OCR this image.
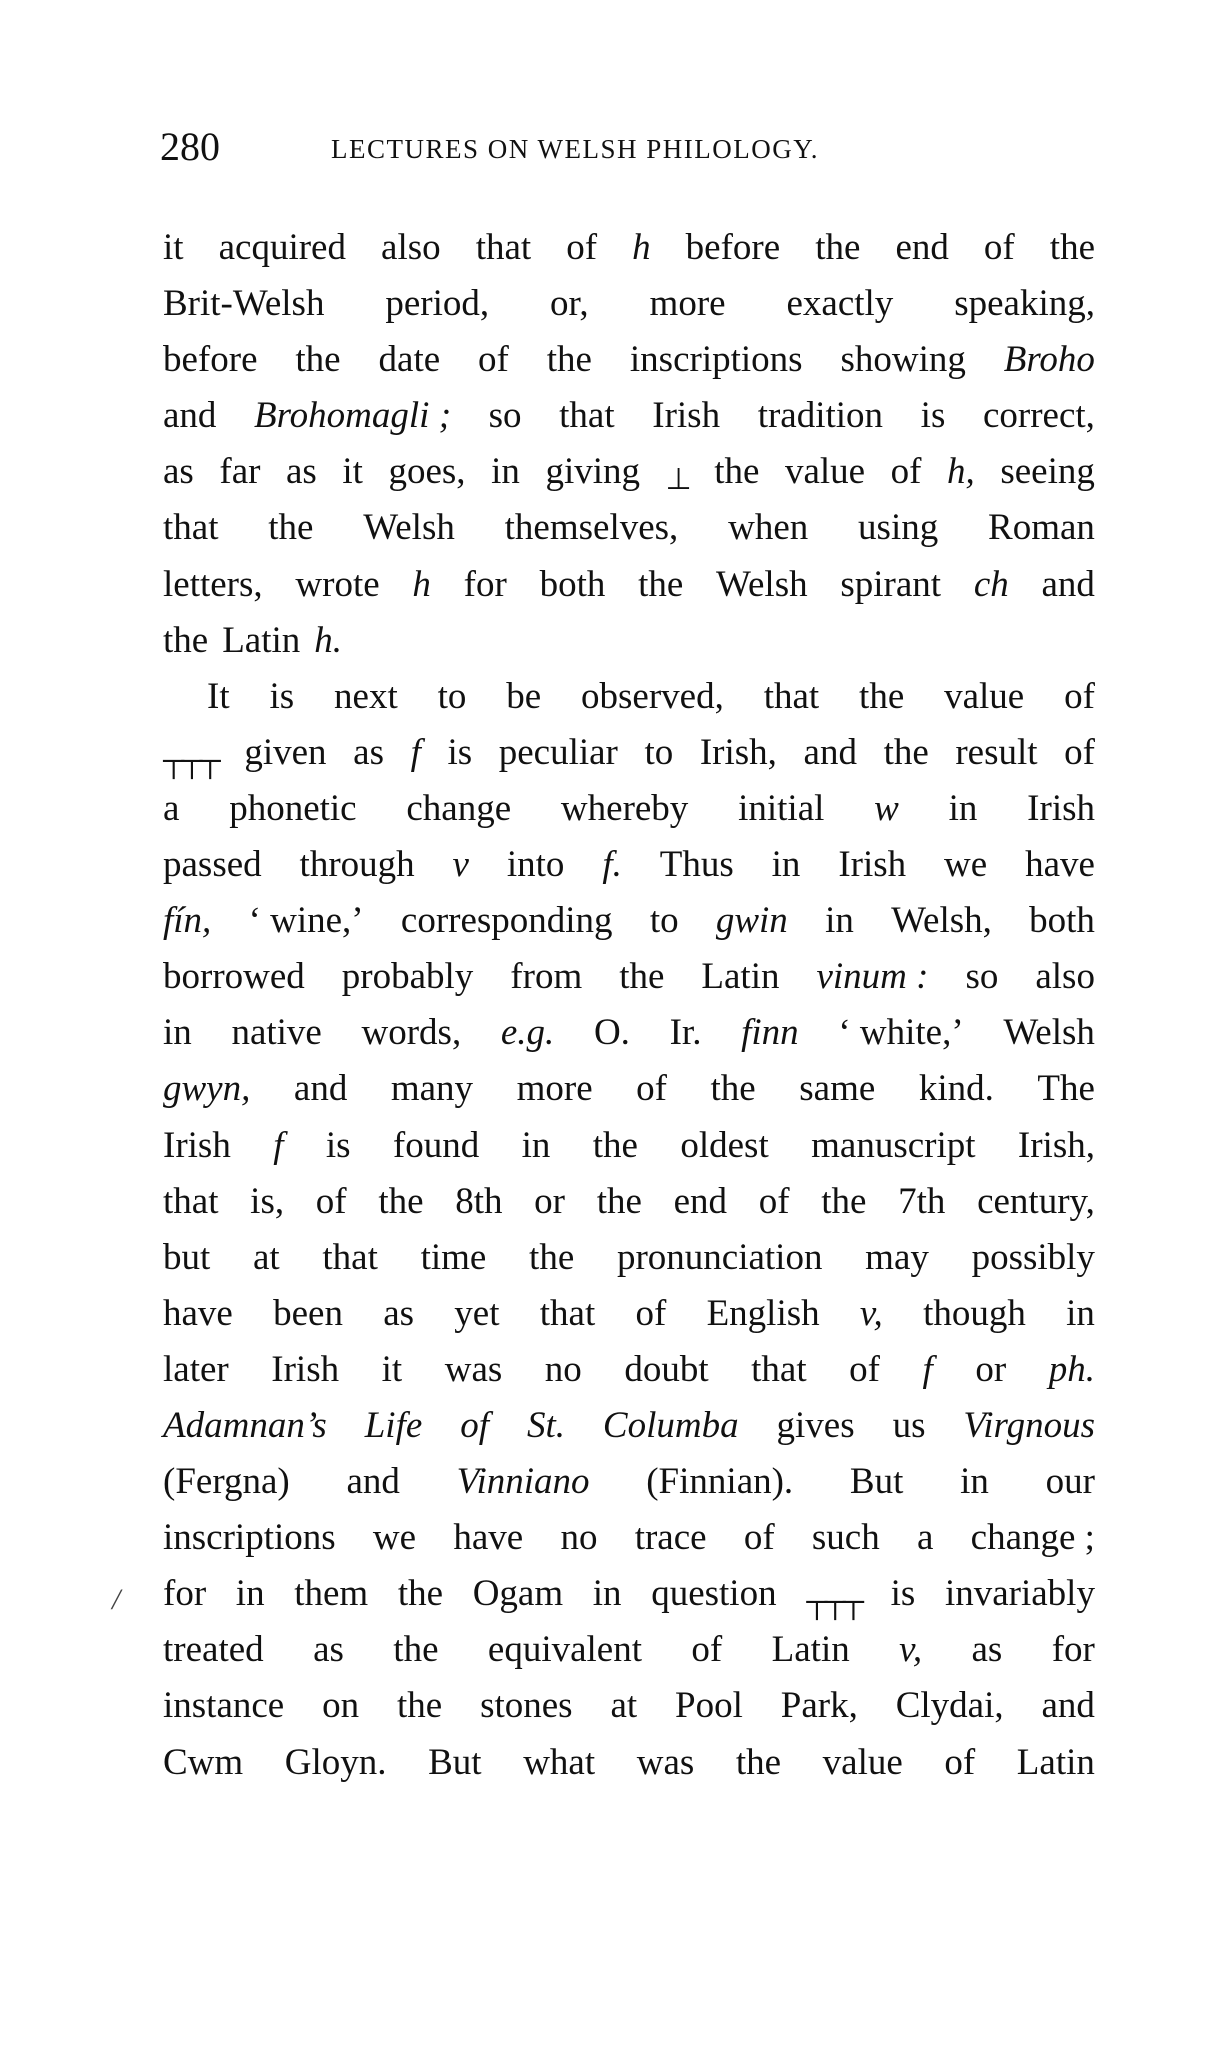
280	LECTURES ON WELSH PHILOLOGY.
/
it acquired also that of h before the end of the
Brit-Welsh period, or, more exactly speaking,
before the date of the inscriptions showing Broho
and Brohomagli ; so that Irish tradition is correct,
as far as it goes, in giving ⊥ the value of h, seeing
that the Welsh themselves, when using Roman
letters, wrote h for both the Welsh spirant ch and
the Latin h.
It is next to be observed, that the value of
┬┬┬ given as f is peculiar to Irish, and the result of
a phonetic change whereby initial w in Irish
passed through v into f. Thus in Irish we have
fín, ‘ wine,’ corresponding to gwin in Welsh, both
borrowed probably from the Latin vinum : so also
in native words, e.g. O. Ir. finn ‘ white,’ Welsh
gwyn, and many more of the same kind. The
Irish f is found in the oldest manuscript Irish,
that is, of the 8th or the end of the 7th century,
but at that time the pronunciation may possibly
have been as yet that of English v, though in
later Irish it was no doubt that of f or ph.
Adamnan’s Life of St. Columba gives us Virgnous
(Fergna) and Vinniano (Finnian). But in our
inscriptions we have no trace of such a change ;
for in them the Ogam in question ┬┬┬ is invariably
treated as the equivalent of Latin v, as for
instance on the stones at Pool Park, Clydai, and
Cwm Gloyn. But what was the value of Latin
